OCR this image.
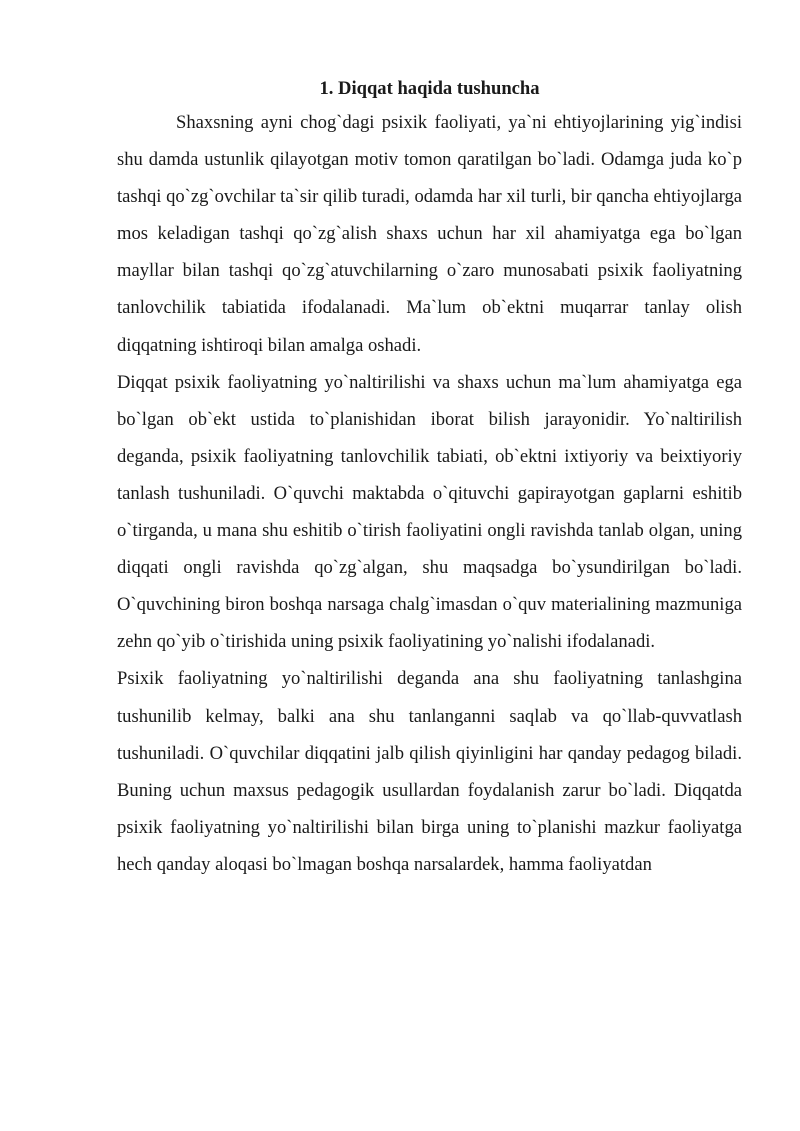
1. Diqqat haqida tushuncha

Shaxsning ayni chog`dagi psixik faoliyati, ya`ni ehtiyojlarining yig`indisi shu damda ustunlik qilayotgan motiv tomon qaratilgan bo`ladi. Odamga juda ko`p tashqi qo`zg`ovchilar ta`sir qilib turadi, odamda har xil turli, bir qancha ehtiyojlarga mos keladigan tashqi qo`zg`alish shaxs uchun har xil ahamiyatga ega bo`lgan mayllar bilan tashqi qo`zg`atuvchilarning o`zaro munosabati psixik faoliyatning tanlovchilik tabiatida ifodalanadi. Ma`lum ob`ektni muqarrar tanlay olish diqqatning ishtiroqi bilan amalga oshadi.

Diqqat psixik faoliyatning yo`naltirilishi va shaxs uchun ma`lum ahamiyatga ega bo`lgan ob`ekt ustida to`planishidan iborat bilish jarayonidir. Yo`naltirilish deganda, psixik faoliyatning tanlovchilik tabiati, ob`ektni ixtiyoriy va beixtiyoriy tanlash tushuniladi. O`quvchi maktabda o`qituvchi gapirayotgan gaplarni eshitib o`tirganda, u mana shu eshitib o`tirish faoliyatini ongli ravishda tanlab olgan, uning diqqati ongli ravishda qo`zg`algan, shu maqsadga bo`ysundirilgan bo`ladi. O`quvchining biron boshqa narsaga chalg`imasdan o`quv materialining mazmuniga zehn qo`yib o`tirishida uning psixik faoliyatining yo`nalishi ifodalanadi.

Psixik faoliyatning yo`naltirilishi deganda ana shu faoliyatning tanlashgina tushunilib kelmay, balki ana shu tanlanganni saqlab va qo`llab-quvvatlash tushuniladi. O`quvchilar diqqatini jalb qilish qiyinligini har qanday pedagog biladi. Buning uchun maxsus pedagogik usullardan foydalanish zarur bo`ladi. Diqqatda psixik faoliyatning yo`naltirilishi bilan birga uning to`planishi mazkur faoliyatga hech qanday aloqasi bo`lmagan boshqa narsalardek, hamma faoliyatdan
